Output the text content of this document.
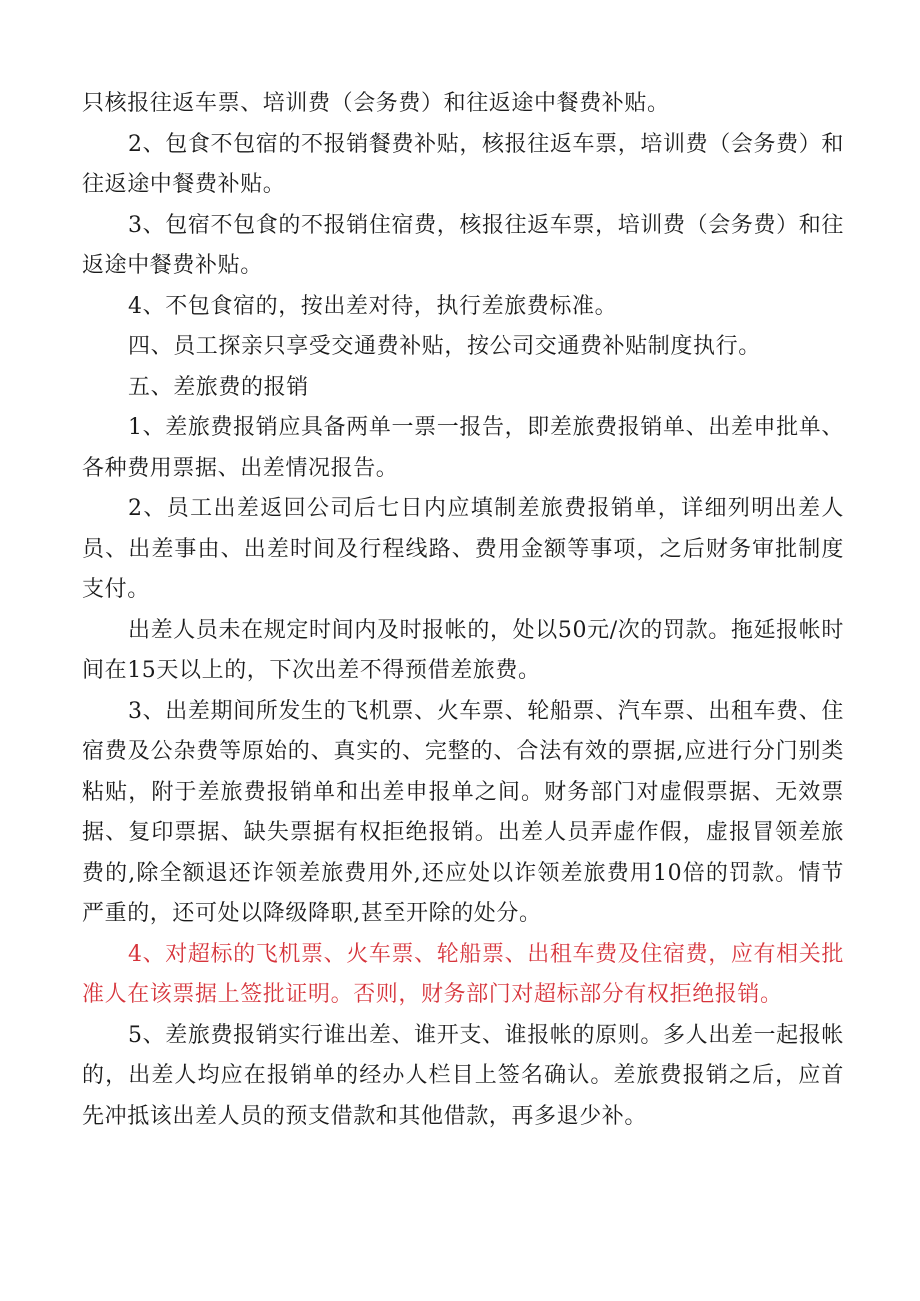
只核报往返车票、培训费（会务费）和往返途中餐费补贴。

2、包食不包宿的不报销餐费补贴，核报往返车票，培训费（会务费）和往返途中餐费补贴。

3、包宿不包食的不报销住宿费，核报往返车票，培训费（会务费）和往返途中餐费补贴。

4、不包食宿的，按出差对待，执行差旅费标准。

四、员工探亲只享受交通费补贴，按公司交通费补贴制度执行。

五、差旅费的报销

1、差旅费报销应具备两单一票一报告，即差旅费报销单、出差申批单、各种费用票据、出差情况报告。

2、员工出差返回公司后七日内应填制差旅费报销单，详细列明出差人员、出差事由、出差时间及行程线路、费用金额等事项，之后财务审批制度支付。

出差人员未在规定时间内及时报帐的，处以50元/次的罚款。拖延报帐时间在15天以上的，下次出差不得预借差旅费。

3、出差期间所发生的飞机票、火车票、轮船票、汽车票、出租车费、住宿费及公杂费等原始的、真实的、完整的、合法有效的票据,应进行分门别类粘贴，附于差旅费报销单和出差申报单之间。财务部门对虚假票据、无效票据、复印票据、缺失票据有权拒绝报销。出差人员弄虚作假，虚报冒领差旅费的,除全额退还诈领差旅费用外,还应处以诈领差旅费用10倍的罚款。情节严重的，还可处以降级降职,甚至开除的处分。

4、对超标的飞机票、火车票、轮船票、出租车费及住宿费，应有相关批准人在该票据上签批证明。否则，财务部门对超标部分有权拒绝报销。

5、差旅费报销实行谁出差、谁开支、谁报帐的原则。多人出差一起报帐的，出差人均应在报销单的经办人栏目上签名确认。差旅费报销之后，应首先冲抵该出差人员的预支借款和其他借款，再多退少补。
